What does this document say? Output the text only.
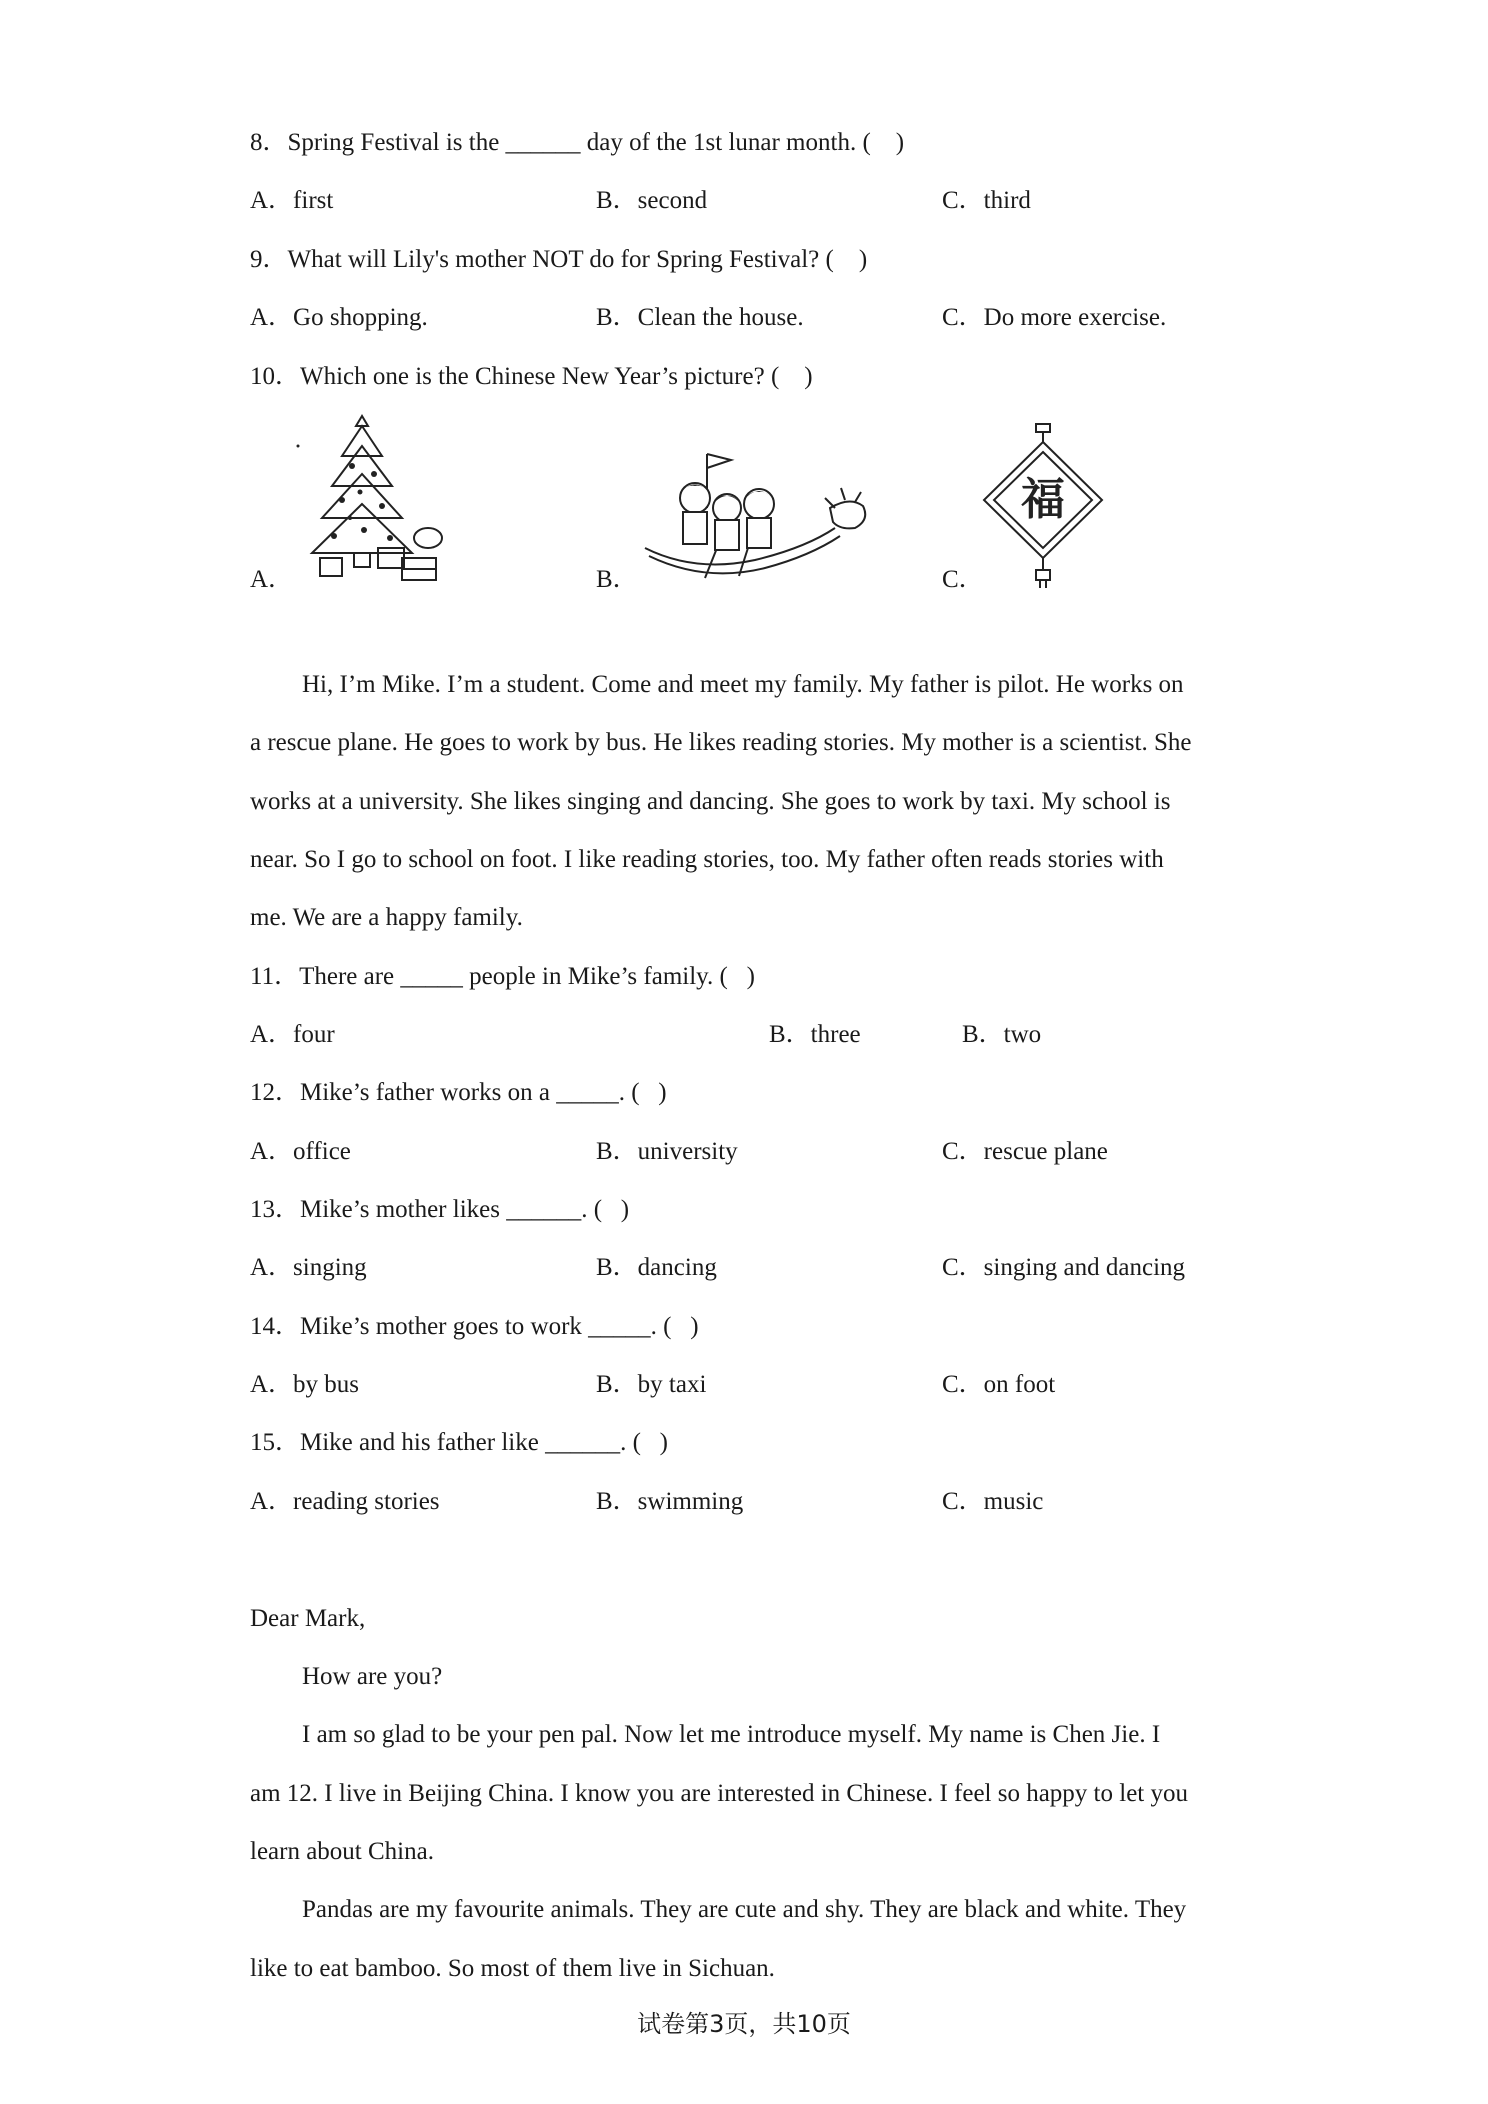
8．Spring Festival is the ______ day of the 1st lunar month. (    )
A．first	B．second	C．third
9．What will Lily's mother NOT do for Spring Festival? (    )
A．Go shopping.	B．Clean the house.	C．Do more exercise.
10．Which one is the Chinese New Year’s picture? (    )
A．	B．	C．
福
Hi, I’m Mike. I’m a student. Come and meet my family. My father is pilot. He works on
a rescue plane. He goes to work by bus. He likes reading stories. My mother is a scientist. She
works at a university. She likes singing and dancing. She goes to work by taxi. My school is
near. So I go to school on foot. I like reading stories, too. My father often reads stories with
me. We are a happy family.
11．There are _____ people in Mike’s family. (   )
A．four	B．three	B．two
12．Mike’s father works on a _____. (   )
A．office	B．university	C．rescue plane
13．Mike’s mother likes ______. (   )
A．singing	B．dancing	C．singing and dancing
14．Mike’s mother goes to work _____. (   )
A．by bus	B．by taxi	C．on foot
15．Mike and his father like ______. (   )
A．reading stories	B．swimming	C．music
Dear Mark,
How are you?
I am so glad to be your pen pal. Now let me introduce myself. My name is Chen Jie. I
am 12. I live in Beijing China. I know you are interested in Chinese. I feel so happy to let you
learn about China.
Pandas are my favourite animals. They are cute and shy. They are black and white. They
like to eat bamboo. So most of them live in Sichuan.
试卷第3页，共10页
